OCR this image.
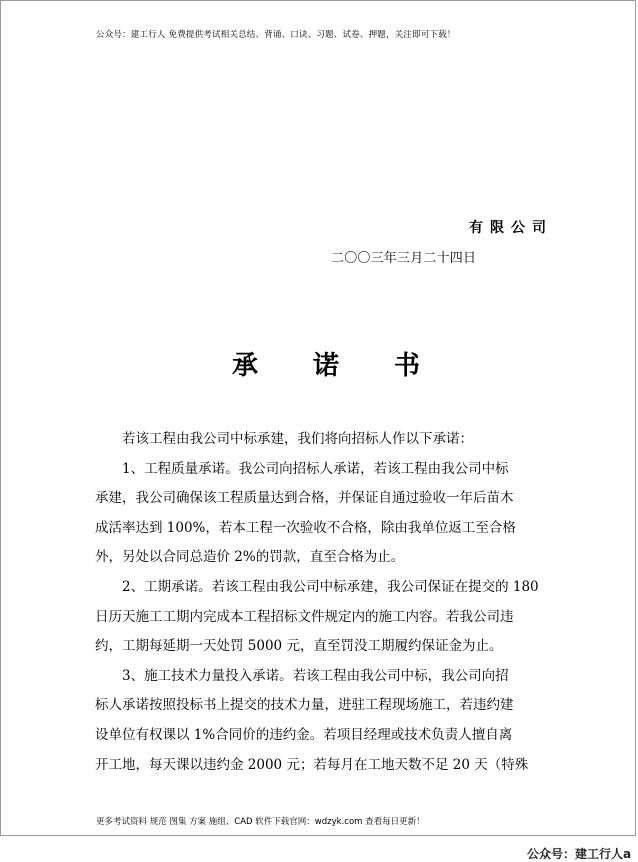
公众号：建工行人 免费提供考试相关总结、背诵、口诀、习题、试卷、押题，关注即可下载！
有限公司
二〇〇三年三月二十四日
承诺书
　　若该工程由我公司中标承建，我们将向招标人作以下承诺：
　　1、工程质量承诺。我公司向招标人承诺，若该工程由我公司中标
承建，我公司确保该工程质量达到合格，并保证自通过验收一年后苗木
成活率达到 100%，若本工程一次验收不合格，除由我单位返工至合格
外，另处以合同总造价 2%的罚款，直至合格为止。
　　2、工期承诺。若该工程由我公司中标承建，我公司保证在提交的 180
日历天施工工期内完成本工程招标文件规定内的施工内容。若我公司违
约，工期每延期一天处罚 5000 元，直至罚没工期履约保证金为止。
　　3、施工技术力量投入承诺。若该工程由我公司中标，我公司向招
标人承诺按照投标书上提交的技术力量，进驻工程现场施工，若违约建
设单位有权课以 1%合同价的违约金。若项目经理或技术负责人擅自离
开工地，每天课以违约金 2000 元；若每月在工地天数不足 20 天（特殊
更多考试资料 规范 图集 方案 施组、CAD 软件下载官网：wdzyk.com 查看每日更新！
公众号：建工行人a
